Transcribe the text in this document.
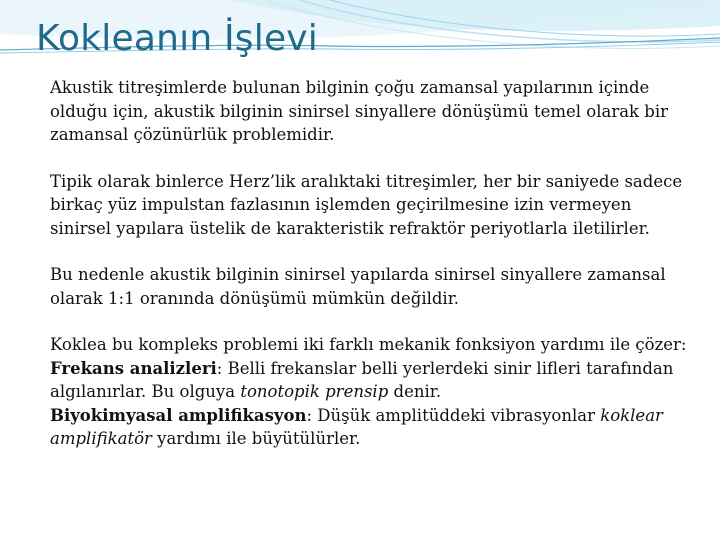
Kokleanın İşlevi

Akustik titreşimlerde bulunan bilginin çoğu zamansal yapılarının içinde olduğu için, akustik bilginin sinirsel sinyallere dönüşümü temel olarak bir zamansal çözünürlük problemidir.

Tipik olarak binlerce Herz’lik aralıktaki titreşimler, her bir saniyede sadece birkaç yüz impulstan fazlasının işlemden geçirilmesine izin vermeyen sinirsel yapılara üstelik de karakteristik refraktör periyotlarla iletilirler.

Bu nedenle akustik bilginin sinirsel yapılarda sinirsel sinyallere zamansal olarak 1:1 oranında dönüşümü mümkün değildir.

Koklea bu kompleks problemi iki farklı mekanik fonksiyon yardımı ile çözer:
Frekans analizleri: Belli frekanslar belli yerlerdeki sinir lifleri tarafından algılanırlar. Bu olguya tonotopik prensip denir.
Biyokimyasal amplifikasyon: Düşük amplitüddeki vibrasyonlar koklear amplifikatör yardımı ile büyütülürler.
